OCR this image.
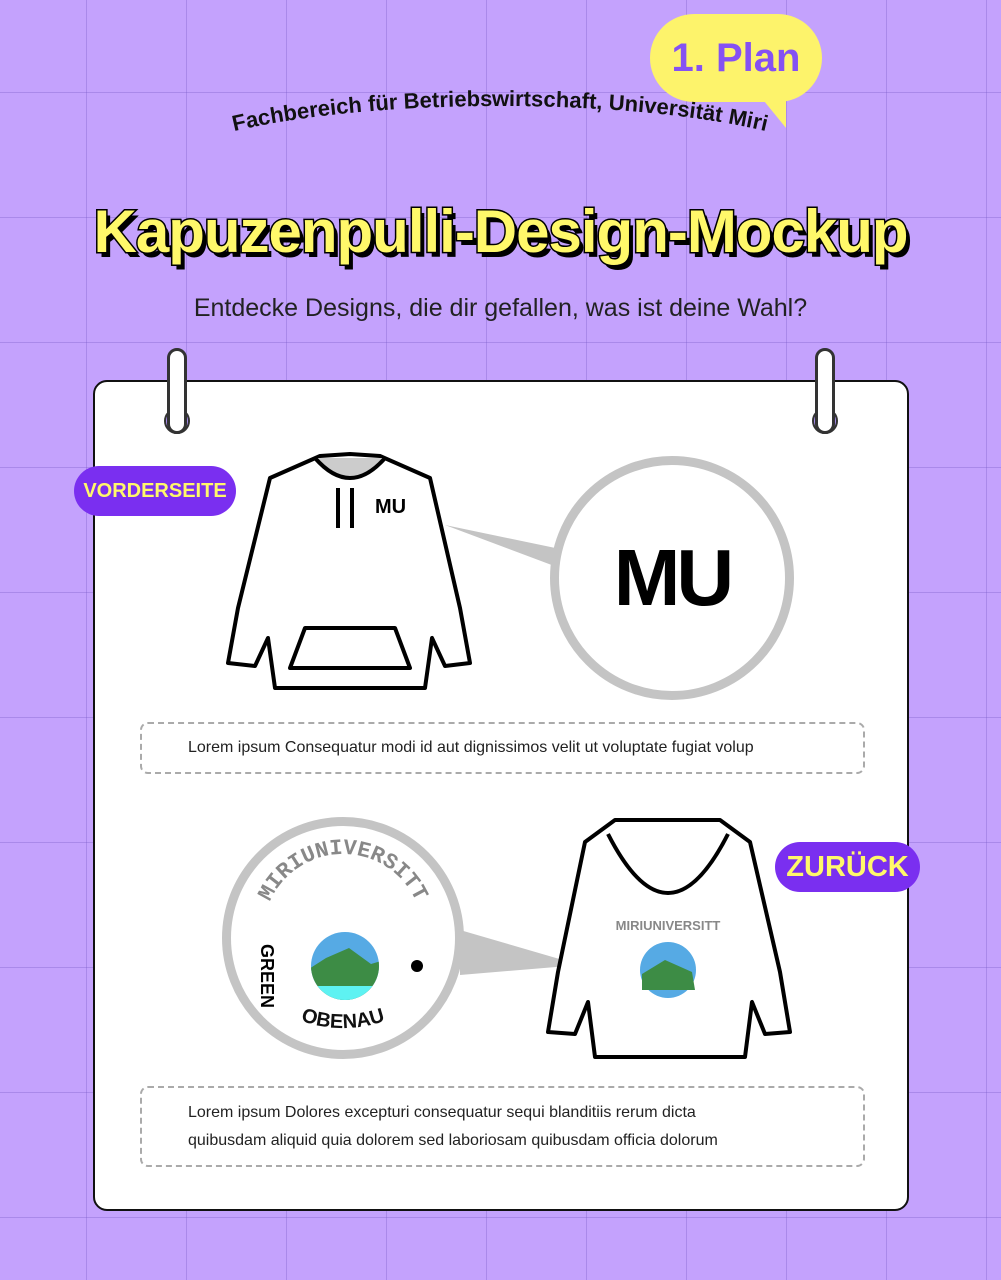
1. Plan
Fachbereich für Betriebswirtschaft, Universität Miri
Kapuzenpulli-Design-Mockup
Entdecke Designs, die dir gefallen, was ist deine Wahl?
VORDERSEITE
MU
MU
Lorem ipsum Consequatur modi id aut dignissimos velit ut voluptate fugiat volup
MIRIUNIVERSITT
GREEN
OBENAU
MIRIUNIVERSITT
ZURÜCK
Lorem ipsum Dolores excepturi consequatur sequi blanditiis rerum dicta
quibusdam aliquid quia dolorem sed laboriosam quibusdam officia dolorum
